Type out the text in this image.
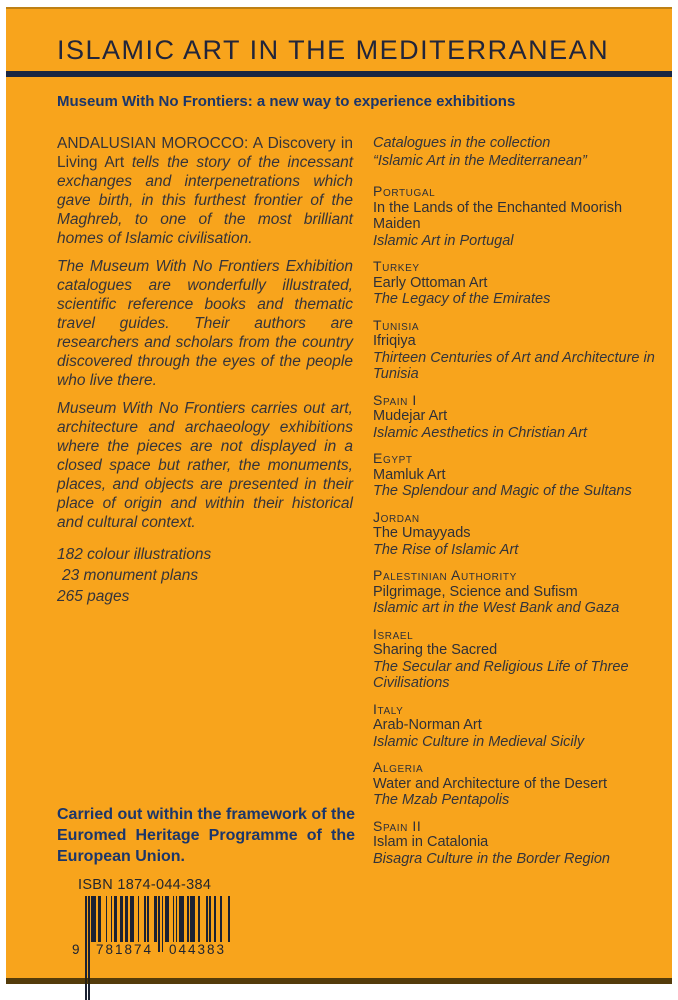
ISLAMIC ART IN THE MEDITERRANEAN
Museum With No Frontiers: a new way to experience exhibitions

ANDALUSIAN MOROCCO: A Discovery in Living Art tells the story of the incessant exchanges and interpenetrations which gave birth, in this furthest frontier of the Maghreb, to one of the most brilliant homes of Islamic civilisation.

The Museum With No Frontiers Exhibition catalogues are wonderfully illustrated, scientific reference books and thematic travel guides. Their authors are researchers and scholars from the country discovered through the eyes of the people who live there.

Museum With No Frontiers carries out art, architecture and archaeology exhibitions where the pieces are not displayed in a closed space but rather, the monuments, places, and objects are presented in their place of origin and within their historical and cultural context.

182 colour illustrations
23 monument plans
265 pages
Catalogues in the collection
“Islamic Art in the Mediterranean”
Portugal
In the Lands of the Enchanted Moorish Maiden
Islamic Art in Portugal
Turkey
Early Ottoman Art
The Legacy of the Emirates
Tunisia
Ifriqiya
Thirteen Centuries of Art and Architecture in Tunisia
Spain I
Mudejar Art
Islamic Aesthetics in Christian Art
Egypt
Mamluk Art
The Splendour and Magic of the Sultans
Jordan
The Umayyads
The Rise of Islamic Art
Palestinian Authority
Pilgrimage, Science and Sufism
Islamic art in the West Bank and Gaza
Israel
Sharing the Sacred
The Secular and Religious Life of Three Civilisations
Italy
Arab-Norman Art
Islamic Culture in Medieval Sicily
Algeria
Water and Architecture of the Desert
The Mzab Pentapolis
Spain II
Islam in Catalonia
Bisagra Culture in the Border Region
Carried out within the framework of the Euromed Heritage Programme of the European Union.
ISBN 1874-044-384
9 781874 044383
